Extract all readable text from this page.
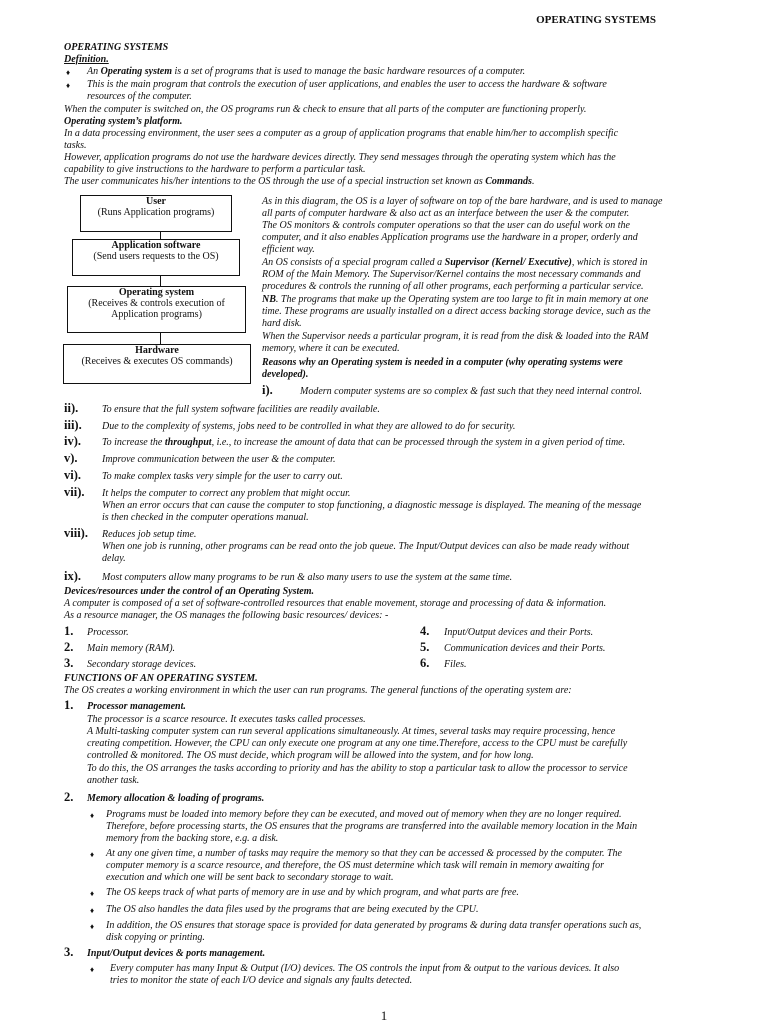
OPERATING SYSTEMS
OPERATING SYSTEMS
Definition.
♦ An Operating system is a set of programs that is used to manage the basic hardware resources of a computer.
♦ This is the main program that controls the execution of user applications, and enables the user to access the hardware & software
resources of the computer.
When the computer is switched on, the OS programs run & check to ensure that all parts of the computer are functioning properly.
Operating system’s platform.
In a data processing environment, the user sees a computer as a group of application programs that enable him/her to accomplish specific
tasks.
However, application programs do not use the hardware devices directly. They send messages through the operating system which has the
capability to give instructions to the hardware to perform a particular task.
The user communicates his/her intentions to the OS through the use of a special instruction set known as Commands.
User
(Runs Application programs)
Application software
(Send users requests to the OS)
Operating system
(Receives & controls execution of Application programs)
Hardware
(Receives & executes OS commands)
As in this diagram, the OS is a layer of software on top of the bare hardware, and is used to manage
all parts of computer hardware & also act as an interface between the user & the computer.
The OS monitors & controls computer operations so that the user can do useful work on the
computer, and it also enables Application programs use the hardware in a proper, orderly and
efficient way.
An OS consists of a special program called a Supervisor (Kernel/ Executive), which is stored in
ROM of the Main Memory. The Supervisor/Kernel contains the most necessary commands and
procedures & controls the running of all other programs, each performing a particular service.
NB. The programs that make up the Operating system are too large to fit in main memory at one
time. These programs are usually installed on a direct access backing storage device, such as the
hard disk.
When the Supervisor needs a particular program, it is read from the disk & loaded into the RAM
memory, where it can be executed.
Reasons why an Operating system is needed in a computer (why operating systems were
developed).
i).	Modern computer systems are so complex & fast such that they need internal control.
ii). To ensure that the full system software facilities are readily available.
iii). Due to the complexity of systems, jobs need to be controlled in what they are allowed to do for security.
iv). To increase the throughput, i.e., to increase the amount of data that can be processed through the system in a given period of time.
v). Improve communication between the user & the computer.
vi). To make complex tasks very simple for the user to carry out.
vii). It helps the computer to correct any problem that might occur.
When an error occurs that can cause the computer to stop functioning, a diagnostic message is displayed. The meaning of the message
is then checked in the computer operations manual.
viii). Reduces job setup time.
When one job is running, other programs can be read onto the job queue. The Input/Output devices can also be made ready without
delay.
ix). Most computers allow many programs to be run & also many users to use the system at the same time.
Devices/resources under the control of an Operating System.
A computer is composed of a set of software-controlled resources that enable movement, storage and processing of data & information.
As a resource manager, the OS manages the following basic resources/ devices: -
1. Processor.
2. Main memory (RAM).
3. Secondary storage devices.
4. Input/Output devices and their Ports.
5. Communication devices and their Ports.
6. Files.
FUNCTIONS OF AN OPERATING SYSTEM.
The OS creates a working environment in which the user can run programs. The general functions of the operating system are:
1. Processor management.
The processor is a scarce resource. It executes tasks called processes.
A Multi-tasking computer system can run several applications simultaneously. At times, several tasks may require processing, hence
creating competition. However, the CPU can only execute one program at any one time.Therefore, access to the CPU must be carefully
controlled & monitored. The OS must decide, which program will be allowed into the system, and for how long.
To do this, the OS arranges the tasks according to priority and has the ability to stop a particular task to allow the processor to service
another task.
2. Memory allocation & loading of programs.
♦ Programs must be loaded into memory before they can be executed, and moved out of memory when they are no longer required.
Therefore, before processing starts, the OS ensures that the programs are transferred into the available memory location in the Main
memory from the backing store, e.g. a disk.
♦ At any one given time, a number of tasks may require the memory so that they can be accessed & processed by the computer. The
computer memory is a scarce resource, and therefore, the OS must determine which task will remain in memory awaiting for
execution and which one will be sent back to secondary storage to wait.
♦ The OS keeps track of what parts of memory are in use and by which program, and what parts are free.
♦ The OS also handles the data files used by the programs that are being executed by the CPU.
♦ In addition, the OS ensures that storage space is provided for data generated by programs & during data transfer operations such as,
disk copying or printing.
3. Input/Output devices & ports management.
♦ Every computer has many Input & Output (I/O) devices. The OS controls the input from & output to the various devices. It also
tries to monitor the state of each I/O device and signals any faults detected.
1
